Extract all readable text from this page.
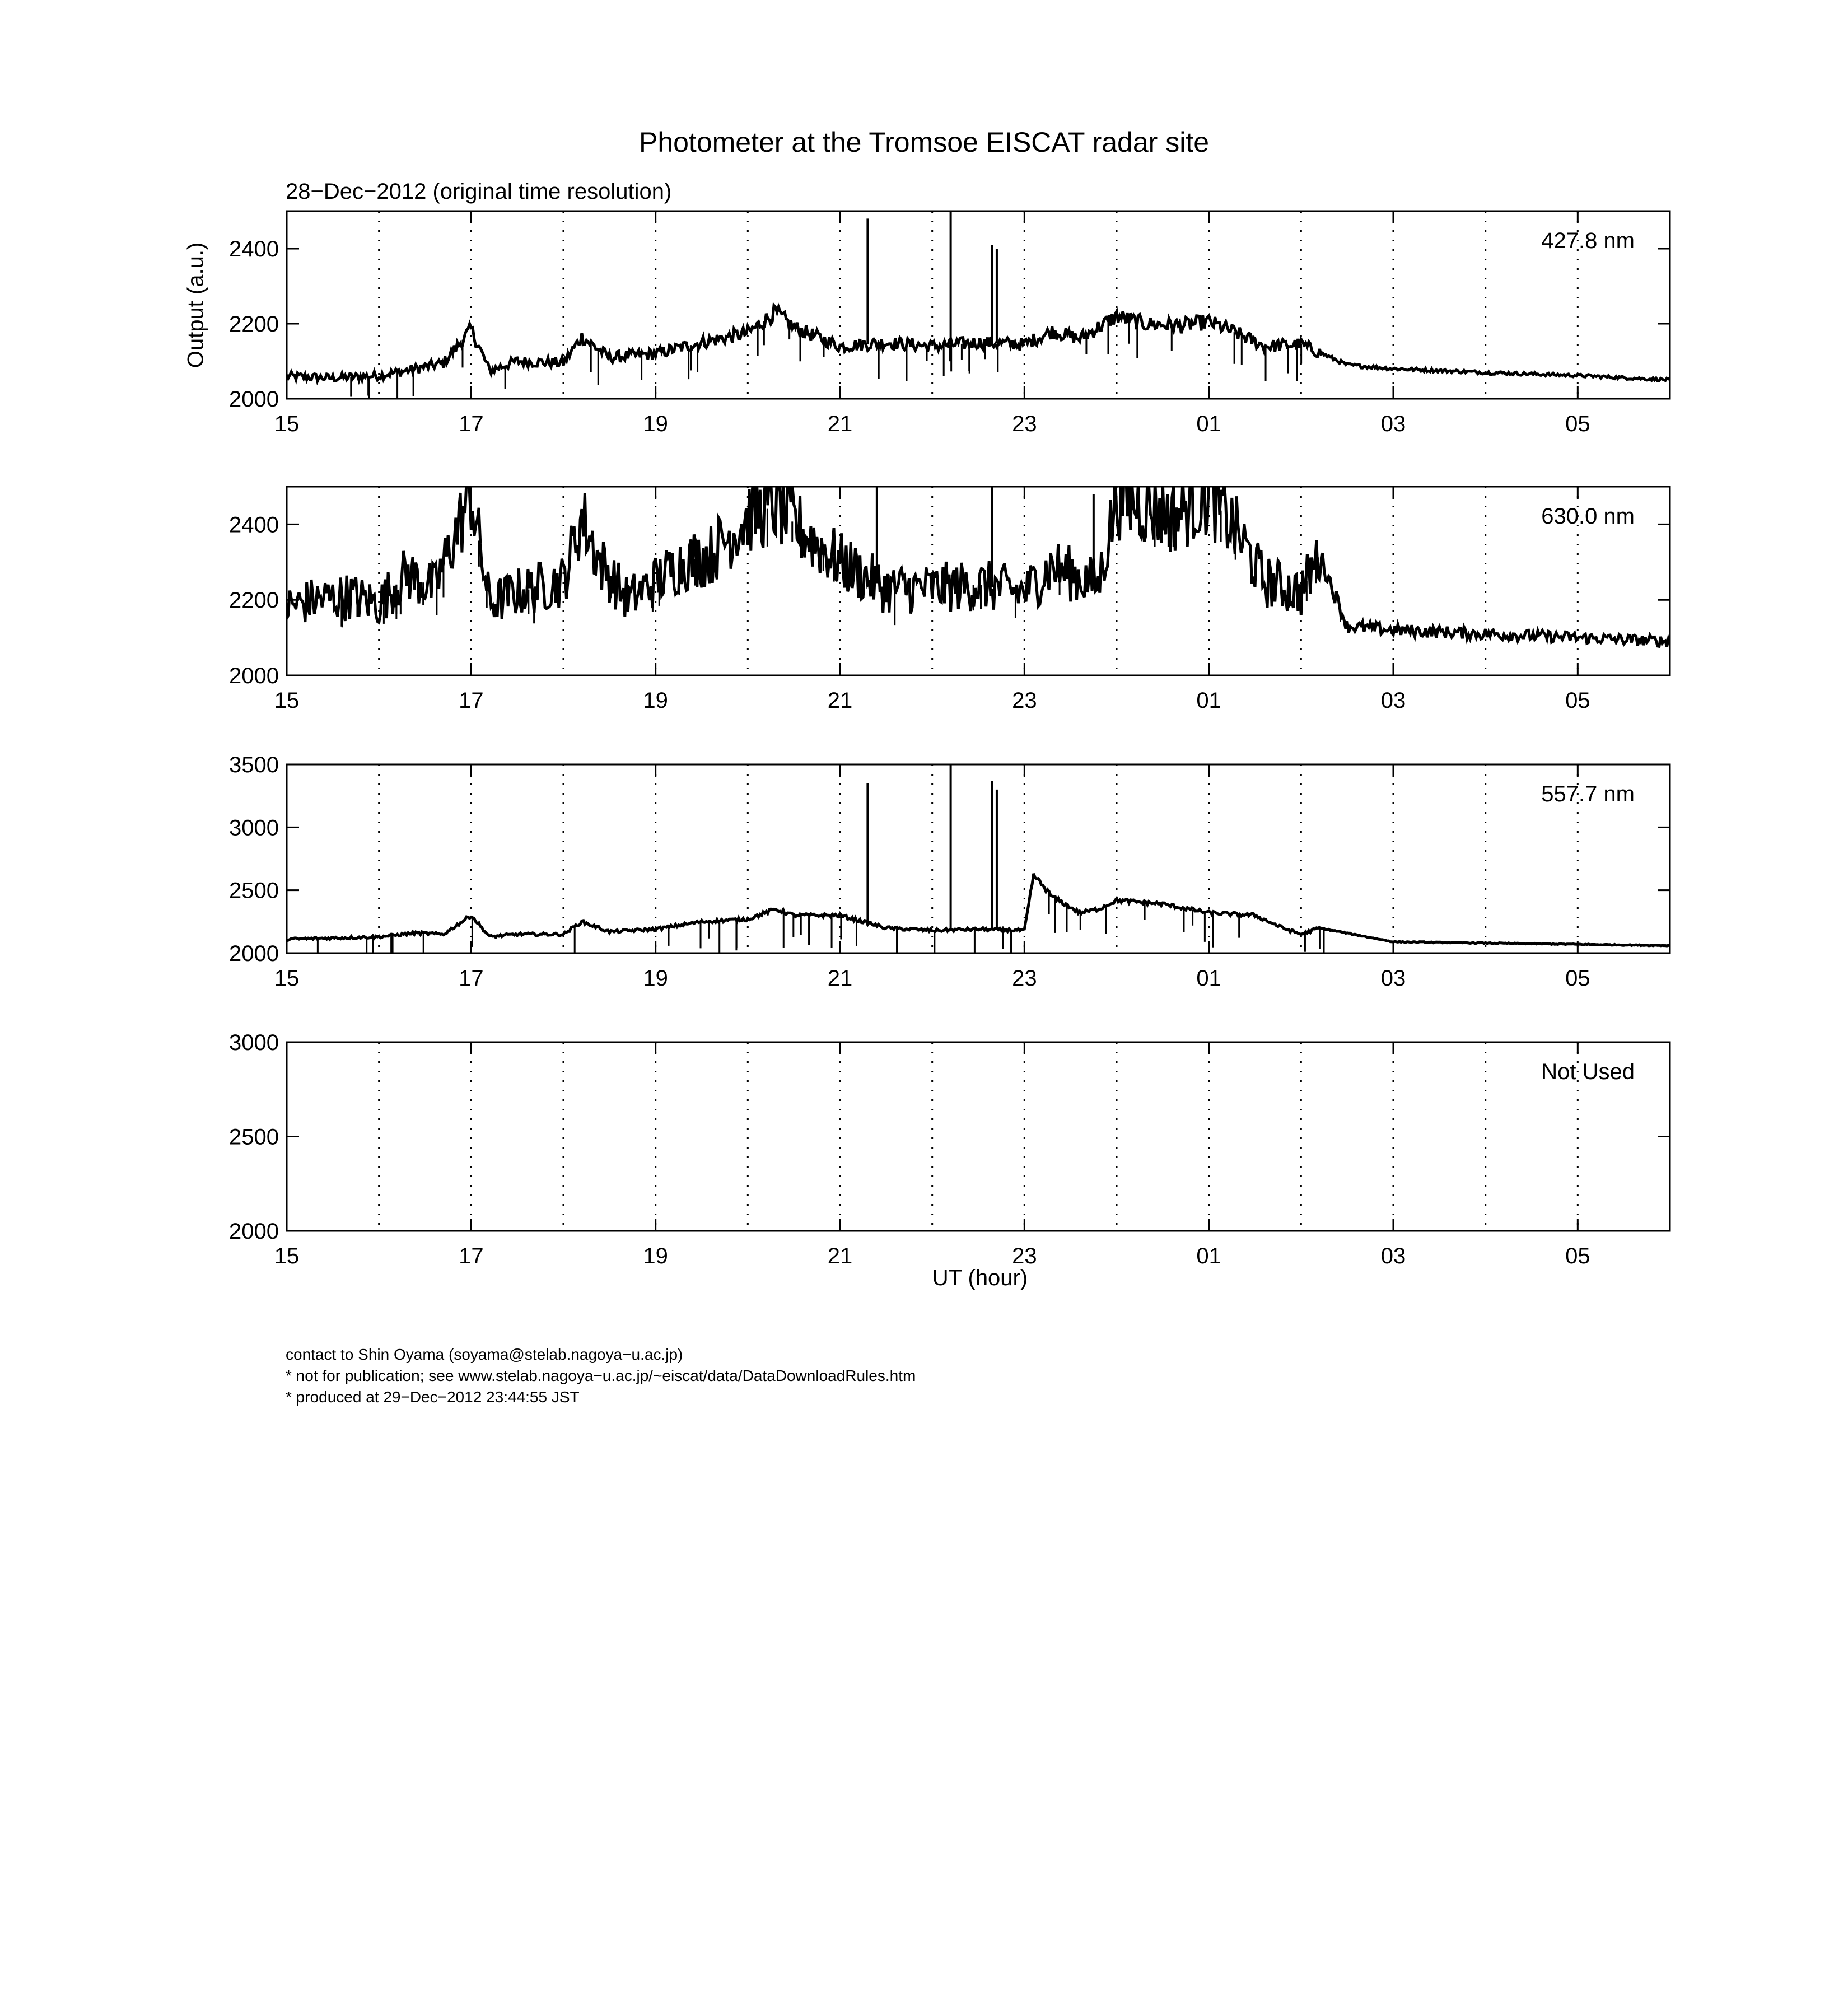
Photometer at the Tromsoe EISCAT radar site
28−Dec−2012 (original time resolution)
Output (a.u.)
15	17	19	21	23	01	03	05
2000
2200
2400	427.8 nm
15	17	19	21	23	01	03	05
2000
2200
2400	630.0 nm
15	17	19	21	23	01	03	05
2000
2500
3000
3500
557.7 nm
15	17	19	21	23	01	03	05
2000
2500
3000
Not Used
UT (hour)
contact to Shin Oyama (soyama@stelab.nagoya−u.ac.jp)
* not for publication; see www.stelab.nagoya−u.ac.jp/~eiscat/data/DataDownloadRules.htm
* produced at 29−Dec−2012 23:44:55 JST
